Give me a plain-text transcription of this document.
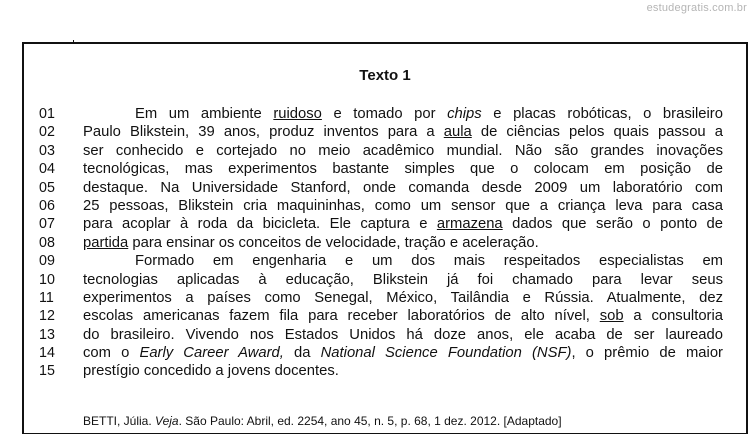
estudegratis.com.br
Texto 1
01
02
03
04
05
06
07
08
09
10
11
12
13
14
15
Em um ambiente ruidoso e tomado por chips e placas robóticas, o brasileiro
Paulo Blikstein, 39 anos, produz inventos para a aula de ciências pelos quais passou a
ser conhecido e cortejado no meio acadêmico mundial. Não são grandes inovações
tecnológicas, mas experimentos bastante simples que o colocam em posição de
destaque. Na Universidade Stanford, onde comanda desde 2009 um laboratório com
25 pessoas, Blikstein cria maquininhas, como um sensor que a criança leva para casa
para acoplar à roda da bicicleta. Ele captura e armazena dados que serão o ponto de
partida para ensinar os conceitos de velocidade, tração e aceleração.
Formado em engenharia e um dos mais respeitados especialistas em
tecnologias aplicadas à educação, Blikstein já foi chamado para levar seus
experimentos a países como Senegal, México, Tailândia e Rússia. Atualmente, dez
escolas americanas fazem fila para receber laboratórios de alto nível, sob a consultoria
do brasileiro. Vivendo nos Estados Unidos há doze anos, ele acaba de ser laureado
com o Early Career Award, da National Science Foundation (NSF), o prêmio de maior
prestígio concedido a jovens docentes.
BETTI, Júlia. Veja. São Paulo: Abril, ed. 2254, ano 45, n. 5, p. 68, 1 dez. 2012. [Adaptado]
